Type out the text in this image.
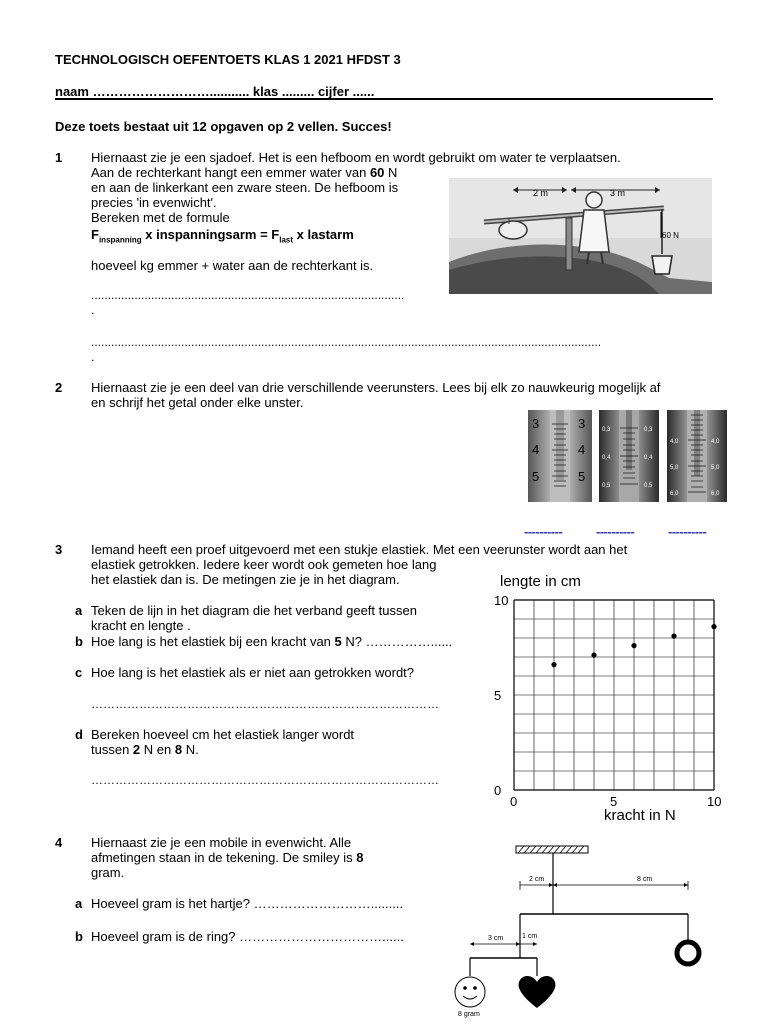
TECHNOLOGISCH OEFENTOETS KLAS 1 2021 HFDST 3
naam ………………………........... klas ......... cijfer ......
Deze toets bestaat uit 12 opgaven op 2 vellen. Succes!
1 Hiernaast zie je een sjadoef. Het is een hefboom en wordt gebruikt om water te verplaatsen.
Aan de rechterkant hangt een emmer water van 60 N
en aan de linkerkant een zware steen. De hefboom is
precies 'in evenwicht'.
Bereken met de formule
$F_{inspanning}$ x inspanningsarm = $F_{last}$ x lastarm
hoeveel kg emmer + water aan de rechterkant is.
..............................................................................................
.
.........................................................................................................................................................
.
2 m	3 m
60 N
2 Hiernaast zie je een deel van drie verschillende veerunsters. Lees bij elk zo nauwkeurig mogelijk af
en schrijf het getal onder elke unster.
3
4
5
3
4
5
0,3
0,4
0,5
0,3
0,4
0,5
4,0
5,0
6,0
4,0
5,0
6,0
----------	----------	----------
3 Iemand heeft een proef uitgevoerd met een stukje elastiek. Met een veerunster wordt aan het
elastiek getrokken. Iedere keer wordt ook gemeten hoe lang
het elastiek dan is. De metingen zie je in het diagram.
a Teken de lijn in het diagram die het verband geeft tussen
kracht en lengte .
b Hoe lang is het elastiek bij een kracht van 5 N? ……………......
c Hoe lang is het elastiek als er niet aan getrokken wordt?
……………………………………………………………………………
d Bereken hoeveel cm het elastiek langer wordt
tussen 2 N en 8 N.
……………………………………………………………………………
lengte in cm
kracht in N
0
5
10
0	5	10
4 Hiernaast zie je een mobile in evenwicht. Alle
afmetingen staan in de tekening. De smiley is 8
gram.
a Hoeveel gram is het hartje? ……………………….........
b Hoeveel gram is de ring? ……………………………......
2 cm	8 cm
3 cm	1 cm
8 gram
